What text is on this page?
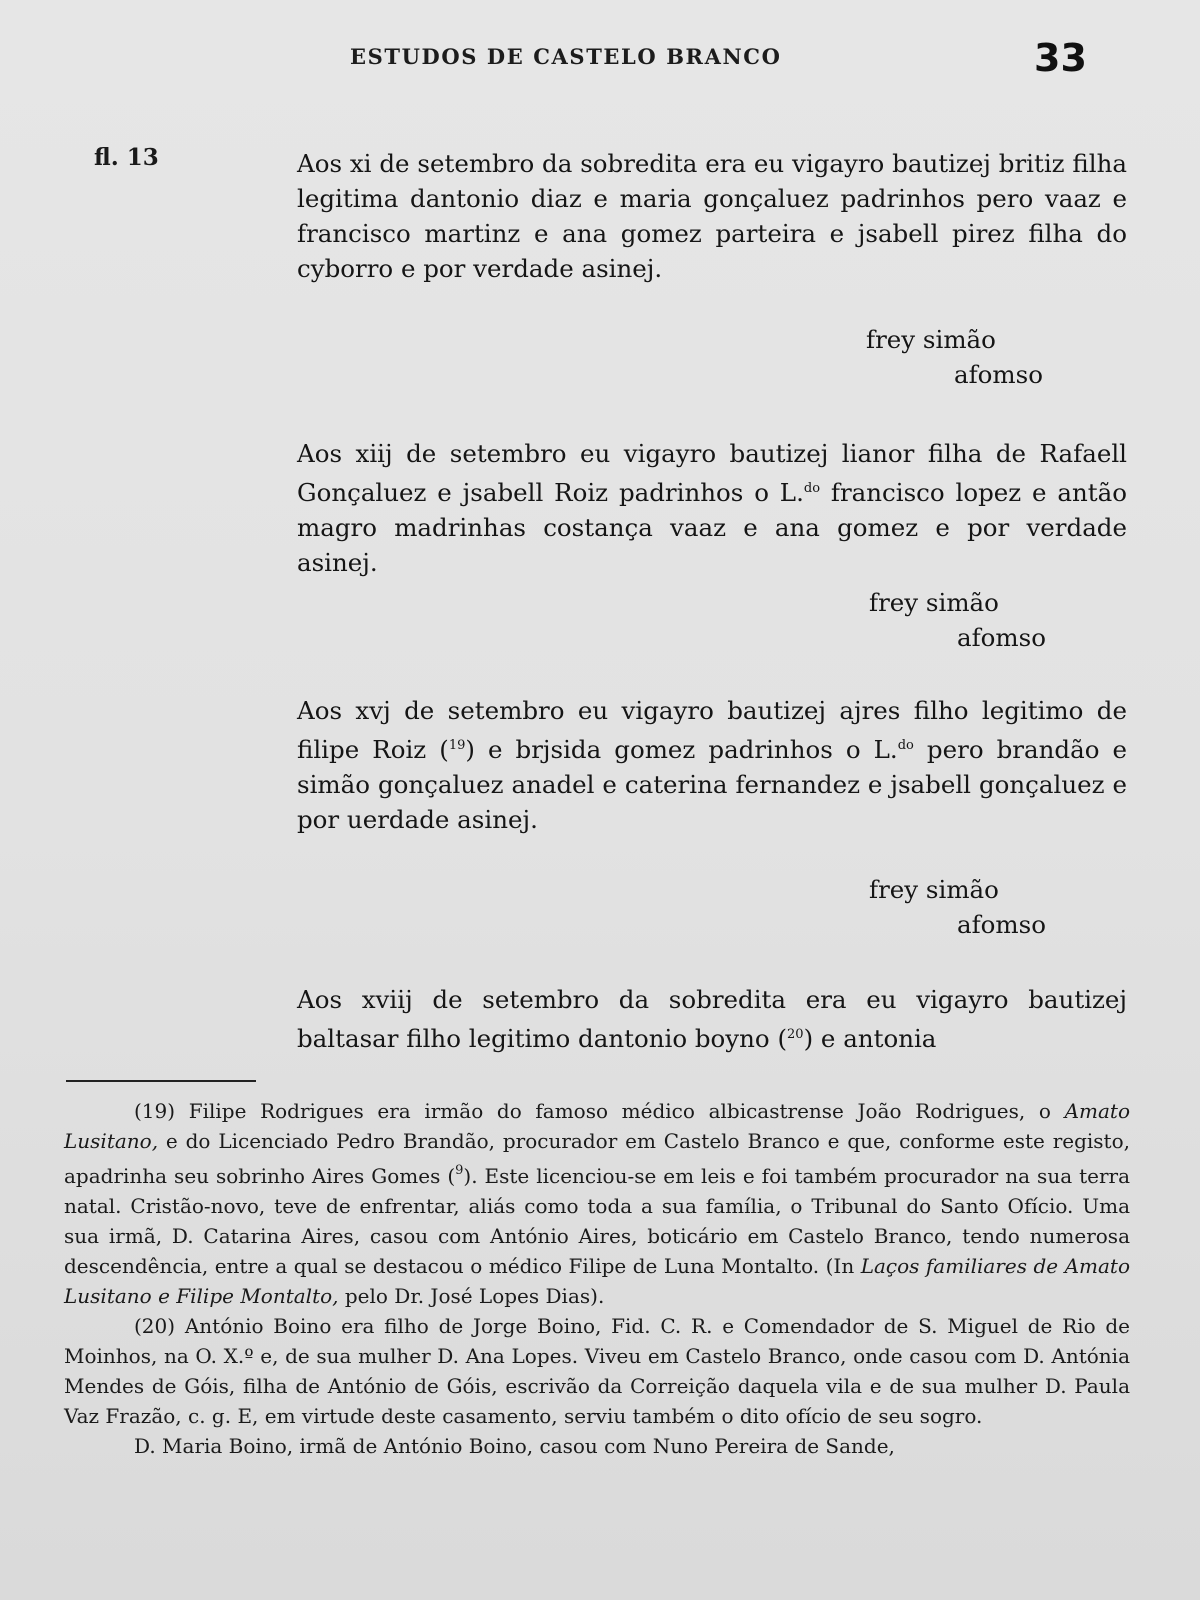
ESTUDOS DE CASTELO BRANCO	33
fl. 13	Aos xi de setembro da sobredita era eu vigayro bautizej britiz filha legitima dantonio diaz e maria gonçaluez padrinhos pero vaaz e francisco martinz e ana gomez parteira e jsabell pirez filha do cyborro e por verdade asinej.
frey simão
afomso
Aos xiij de setembro eu vigayro bautizej lianor filha de Rafaell Gonçaluez e jsabell Roiz padrinhos o L.$^{do}$ francisco lopez e antão magro madrinhas costança vaaz e ana gomez e por verdade asinej.
frey simão
afomso
Aos xvj de setembro eu vigayro bautizej ajres filho legitimo de filipe Roiz ($^{19}$) e brjsida gomez padrinhos o L.$^{do}$ pero brandão e simão gonçaluez anadel e caterina fernandez e jsabell gonçaluez e por uerdade asinej.
frey simão
afomso
Aos xviij de setembro da sobredita era eu vigayro bautizej baltasar filho legitimo dantonio boyno ($^{20}$) e antonia

(19) Filipe Rodrigues era irmão do famoso médico albicastrense João Rodrigues, o Amato Lusitano, e do Licenciado Pedro Brandão, procurador em Castelo Branco e que, conforme este registo, apadrinha seu sobrinho Aires Gomes ($^9$). Este licenciou-se em leis e foi também procurador na sua terra natal. Cristão-novo, teve de enfrentar, aliás como toda a sua família, o Tribunal do Santo Ofício. Uma sua irmã, D. Catarina Aires, casou com António Aires, boticário em Castelo Branco, tendo numerosa descendência, entre a qual se destacou o médico Filipe de Luna Montalto. (In Laços familiares de Amato Lusitano e Filipe Montalto, pelo Dr. José Lopes Dias).

(20) António Boino era filho de Jorge Boino, Fid. C. R. e Comendador de S. Miguel de Rio de Moinhos, na O. X.º e, de sua mulher D. Ana Lopes. Viveu em Castelo Branco, onde casou com D. Antónia Mendes de Góis, filha de António de Góis, escrivão da Correição daquela vila e de sua mulher D. Paula Vaz Frazão, c. g. E, em virtude deste casamento, serviu também o dito ofício de seu sogro.

D. Maria Boino, irmã de António Boino, casou com Nuno Pereira de Sande,
